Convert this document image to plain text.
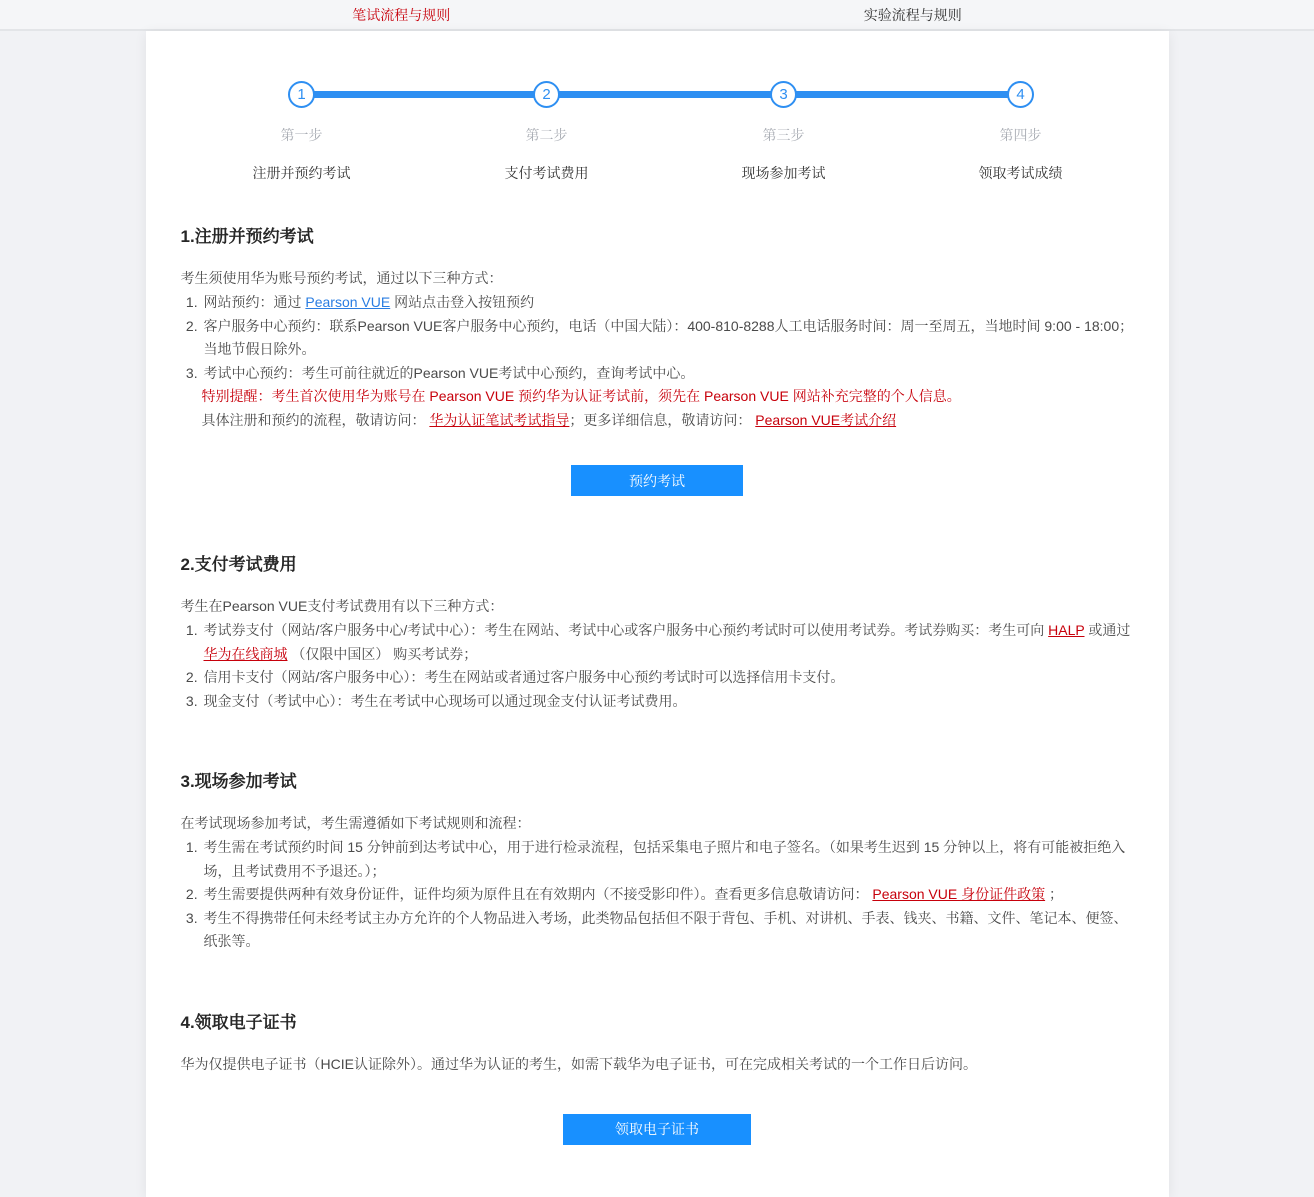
笔试流程与规则	实验流程与规则
1
第一步
注册并预约考试
2
第二步
支付考试费用
3
第三步
现场参加考试
4
第四步
领取考试成绩
1.注册并预约考试
考生须使用华为账号预约考试，通过以下三种方式：
1. 网站预约：通过 Pearson VUE 网站点击登入按钮预约
2. 客户服务中心预约：联系Pearson VUE客户服务中心预约，电话（中国大陆）：400-810-8288人工电话服务时间：周一至周五，当地时间 9:00 - 18:00；当地节假日除外。
3. 考试中心预约：考生可前往就近的Pearson VUE考试中心预约，查询考试中心。
特别提醒：考生首次使用华为账号在 Pearson VUE 预约华为认证考试前，须先在 Pearson VUE 网站补充完整的个人信息。
具体注册和预约的流程，敬请访问： 华为认证笔试考试指导；更多详细信息，敬请访问： Pearson VUE考试介绍
预约考试
2.支付考试费用
考生在Pearson VUE支付考试费用有以下三种方式：
1. 考试券支付（网站/客户服务中心/考试中心）：考生在网站、考试中心或客户服务中心预约考试时可以使用考试券。考试券购买：考生可向 HALP 或通过 华为在线商城 （仅限中国区） 购买考试券；
2. 信用卡支付（网站/客户服务中心）：考生在网站或者通过客户服务中心预约考试时可以选择信用卡支付。
3. 现金支付（考试中心）：考生在考试中心现场可以通过现金支付认证考试费用。
3.现场参加考试
在考试现场参加考试，考生需遵循如下考试规则和流程：
1. 考生需在考试预约时间 15 分钟前到达考试中心，用于进行检录流程，包括采集电子照片和电子签名。（如果考生迟到 15 分钟以上，将有可能被拒绝入场，且考试费用不予退还。）；
2. 考生需要提供两种有效身份证件，证件均须为原件且在有效期内（不接受影印件）。查看更多信息敬请访问： Pearson VUE 身份证件政策 ；
3. 考生不得携带任何未经考试主办方允许的个人物品进入考场，此类物品包括但不限于背包、手机、对讲机、手表、钱夹、书籍、文件、笔记本、便签、纸张等。
4.领取电子证书
华为仅提供电子证书（HCIE认证除外）。通过华为认证的考生，如需下载华为电子证书，可在完成相关考试的一个工作日后访问。
领取电子证书
